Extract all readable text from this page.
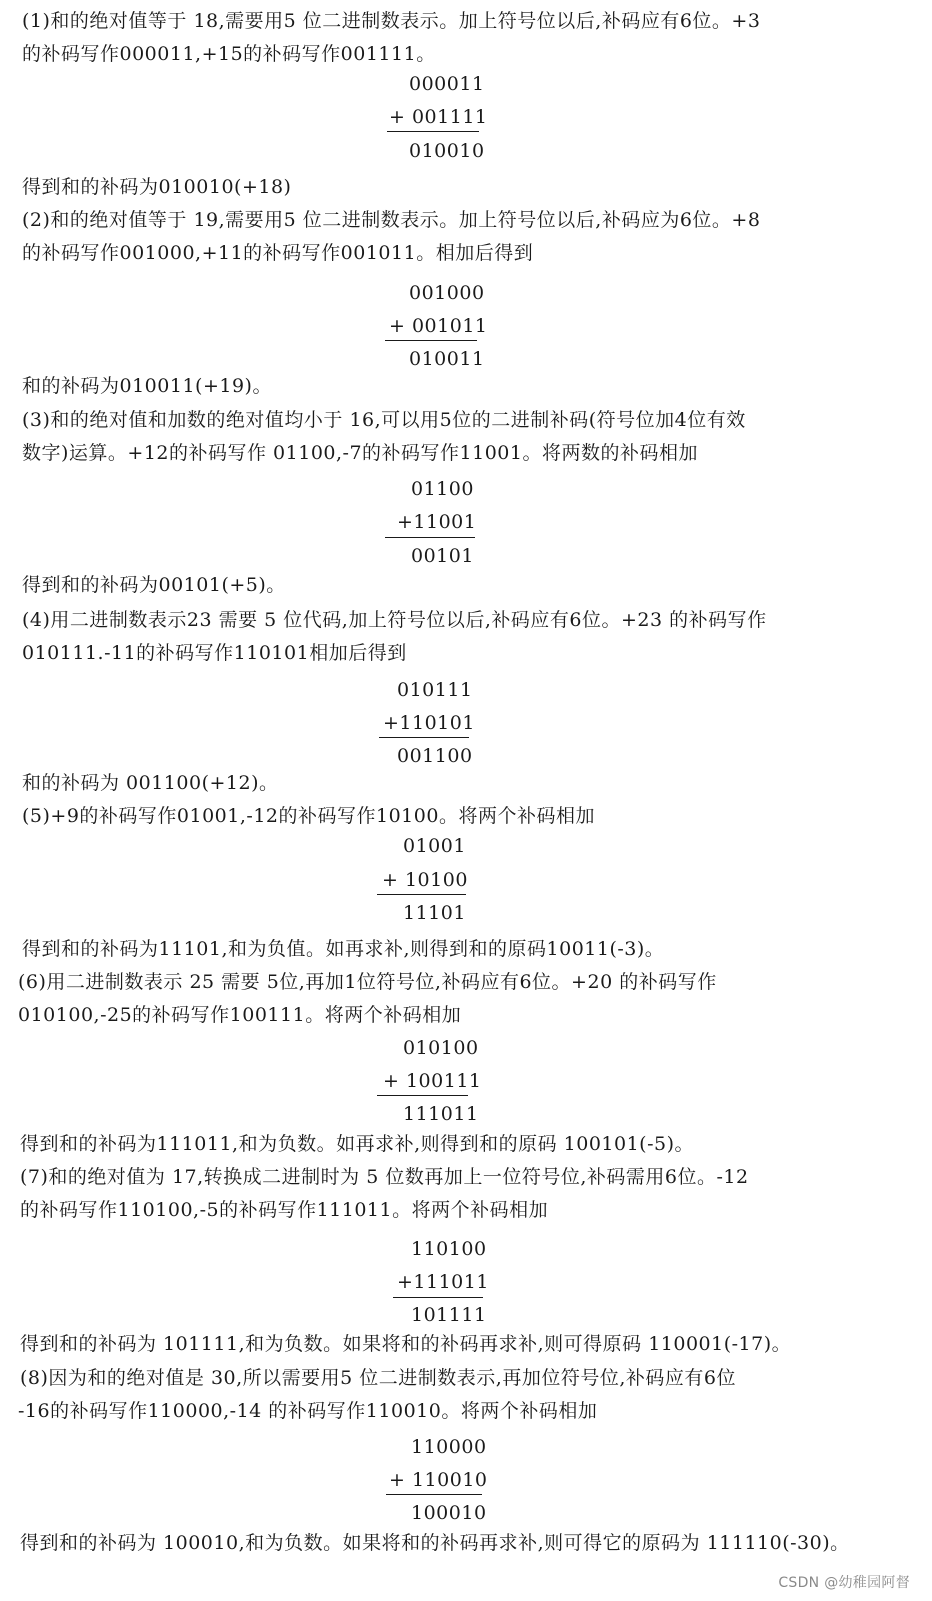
(1)和的绝对值等于 18,需要用5 位二进制数表示。加上符号位以后,补码应有6位。+3
的补码写作000011,+15的补码写作001111。
000011
+ 001111
010010
得到和的补码为010010(+18)
(2)和的绝对值等于 19,需要用5 位二进制数表示。加上符号位以后,补码应为6位。+8
的补码写作001000,+11的补码写作001011。相加后得到
001000
+ 001011
010011
和的补码为010011(+19)。
(3)和的绝对值和加数的绝对值均小于 16,可以用5位的二进制补码(符号位加4位有效
数字)运算。+12的补码写作 01100,-7的补码写作11001。将两数的补码相加
01100
+11001
00101
得到和的补码为00101(+5)。
(4)用二进制数表示23 需要 5 位代码,加上符号位以后,补码应有6位。+23 的补码写作
010111.-11的补码写作110101相加后得到
010111
+110101
001100
和的补码为 001100(+12)。
(5)+9的补码写作01001,-12的补码写作10100。将两个补码相加
01001
+ 10100
11101
得到和的补码为11101,和为负值。如再求补,则得到和的原码10011(-3)。
(6)用二进制数表示 25 需要 5位,再加1位符号位,补码应有6位。+20 的补码写作
010100,-25的补码写作100111。将两个补码相加
010100
+ 100111
111011
得到和的补码为111011,和为负数。如再求补,则得到和的原码 100101(-5)。
(7)和的绝对值为 17,转换成二进制时为 5 位数再加上一位符号位,补码需用6位。-12
的补码写作110100,-5的补码写作111011。将两个补码相加
110100
+111011
101111
得到和的补码为 101111,和为负数。如果将和的补码再求补,则可得原码 110001(-17)。
(8)因为和的绝对值是 30,所以需要用5 位二进制数表示,再加位符号位,补码应有6位
-16的补码写作110000,-14 的补码写作110010。将两个补码相加
110000
+ 110010
100010
得到和的补码为 100010,和为负数。如果将和的补码再求补,则可得它的原码为 111110(-30)。
CSDN @幼稚园阿督
